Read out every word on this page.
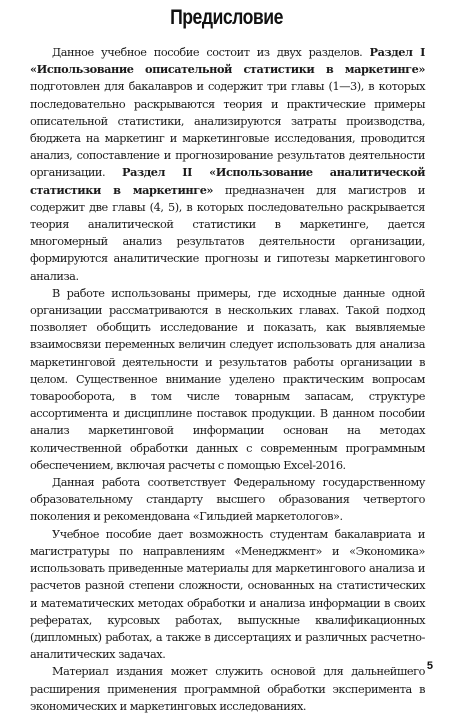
Предисловие

Данное учебное пособие состоит из двух разделов. Раздел I «Использование описательной статистики в маркетинге» подготовлен для бакалавров и содержит три главы (1—3), в которых последовательно раскрываются теория и практические примеры описательной статистики, анализируются затраты производства, бюджета на маркетинг и маркетинговые исследования, проводится анализ, сопоставление и прогнозирование результатов деятельности организации. Раздел II «Использование аналитической статистики в маркетинге» предназначен для магистров и содержит две главы (4, 5), в которых последовательно раскрывается теория аналитической статистики в маркетинге, дается многомерный анализ результатов деятельности организации, формируются аналитические прогнозы и гипотезы маркетингового анализа.

В работе использованы примеры, где исходные данные одной организации рассматриваются в нескольких главах. Такой подход позволяет обобщить исследование и показать, как выявляемые взаимосвязи переменных величин следует использовать для анализа маркетинговой деятельности и результатов работы организации в целом. Существенное внимание уделено практическим вопросам товарооборота, в том числе товарным запасам, структуре ассортимента и дисциплине поставок продукции. В данном пособии анализ маркетинговой информации основан на методах количественной обработки данных с современным программным обеспечением, включая расчеты с помощью Excel-2016.

Данная работа соответствует Федеральному государственному образовательному стандарту высшего образования четвертого поколения и рекомендована «Гильдией маркетологов».

Учебное пособие дает возможность студентам бакалавриата и магистратуры по направлениям «Менеджмент» и «Экономика» использовать приведенные материалы для маркетингового анализа и расчетов разной степени сложности, основанных на статистических и математических методах обработки и анализа информации в своих рефератах, курсовых работах, выпускные квалификационных (дипломных) работах, а также в диссертациях и различных расчетно-аналитических задачах.

Материал издания может служить основой для дальнейшего расширения применения программной обработки эксперимента в экономических и маркетинговых исследованиях.

5
